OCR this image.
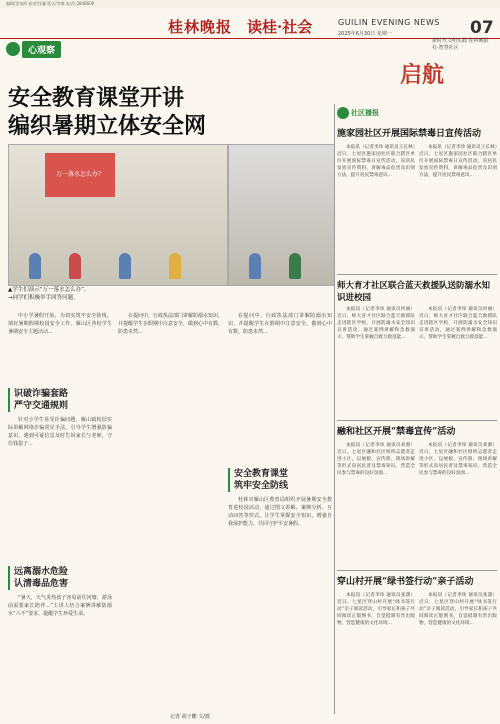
编辑/雷宛晖 校对/沈骊 版式/李娜 电话/ 2848600
桂林晚报 读桂·社会	GUILIN EVENING NEWS
2025年6月30日 星期一	07
心观察
安全教育课堂开讲
编织暑期立体安全网
启航
新时代文明实践 桂林晚报社·智慧社区
万一落水怎么办？
▲学生们演示“万一落水怎么办”。
→同学们积极举手回答问题。
中小学暑假开始，为切实筑牢安全防线，填好暑期假期校园安全工作，雁山区各校学生暑期安全主题活动...
识破诈骗套路
严守交通规则
针对小学生易受诈骗问题，雁山镇校园实际讲解网络诈骗常见手法，引导学生增强防骗意识，遇到可疑信息及时告诉家长与老师，守住钱袋子...
远离溺水危险
认清毒品危害
“暑天，天气炎热孩子容易前往河塘，游泳前需要家长陪伴...”主讲人结合案例讲解防溺水“六不”要求，提醒学生珍爱生命。
在提问中，行政执法部门讲解防溺水知识，并提醒学生在假期中注意安全，做到心中有数、防患未然...
安全教育课堂
筑牢安全防线
在提问中，行政执法部门讲解防溺水知识，并提醒学生在假期中注意安全，做到心中有数、防患未然...
桂林市雁山区教育局组织开展暑期安全教育进校园活动，通过图文讲解、案例分析、互动问答等形式，让学生掌握安全知识，增强自我保护能力，共同守护平安暑假。
记者 胡子鹏 文/摄
社区播报
施家园社区开展国际禁毒日宣传活动
本报讯（记者李珍 通讯员王长林）近日，七星区施家园社区联合辖区单位开展国际禁毒日宣传活动，向居民发放宣传资料，讲解毒品危害及识别方法，提升居民禁毒意识...
本报讯（记者李珍 通讯员王长林）近日，七星区施家园社区联合辖区单位开展国际禁毒日宣传活动，向居民发放宣传资料，讲解毒品危害及识别方法，提升居民禁毒意识...
师大育才社区联合蓝天救援队送防溺水知识进校园
本报讯（记者李珍 通讯员何丽）近日，师大育才社区联合蓝天救援队走进辖区学校，开展防溺水安全知识宣讲活动，通过案例讲解和急救演示，帮助学生掌握自救互救技能...
本报讯（记者李珍 通讯员何丽）近日，师大育才社区联合蓝天救援队走进辖区学校，开展防溺水安全知识宣讲活动，通过案例讲解和急救演示，帮助学生掌握自救互救技能...
融和社区开展“禁毒宣传”活动
本报讯（记者李珍 通讯员刘源）近日，七星区融和社区组织志愿者走进小区，以展板、宣传册、现场讲解等形式向居民普及禁毒知识，营造全民参与禁毒的良好氛围...
本报讯（记者李珍 通讯员刘源）近日，七星区融和社区组织志愿者走进小区，以展板、宣传册、现场讲解等形式向居民普及禁毒知识，营造全民参与禁毒的良好氛围...
穿山村开展“绿书签行动”亲子活动
本报讯（记者李珍 通讯员张潇）近日，七星区穿山村开展“绿书签行动”亲子阅读活动，引导家长和孩子共同阅读正版图书，自觉抵制有害出版物，营造健康的文化环境...
本报讯（记者李珍 通讯员张潇）近日，七星区穿山村开展“绿书签行动”亲子阅读活动，引导家长和孩子共同阅读正版图书，自觉抵制有害出版物，营造健康的文化环境...
